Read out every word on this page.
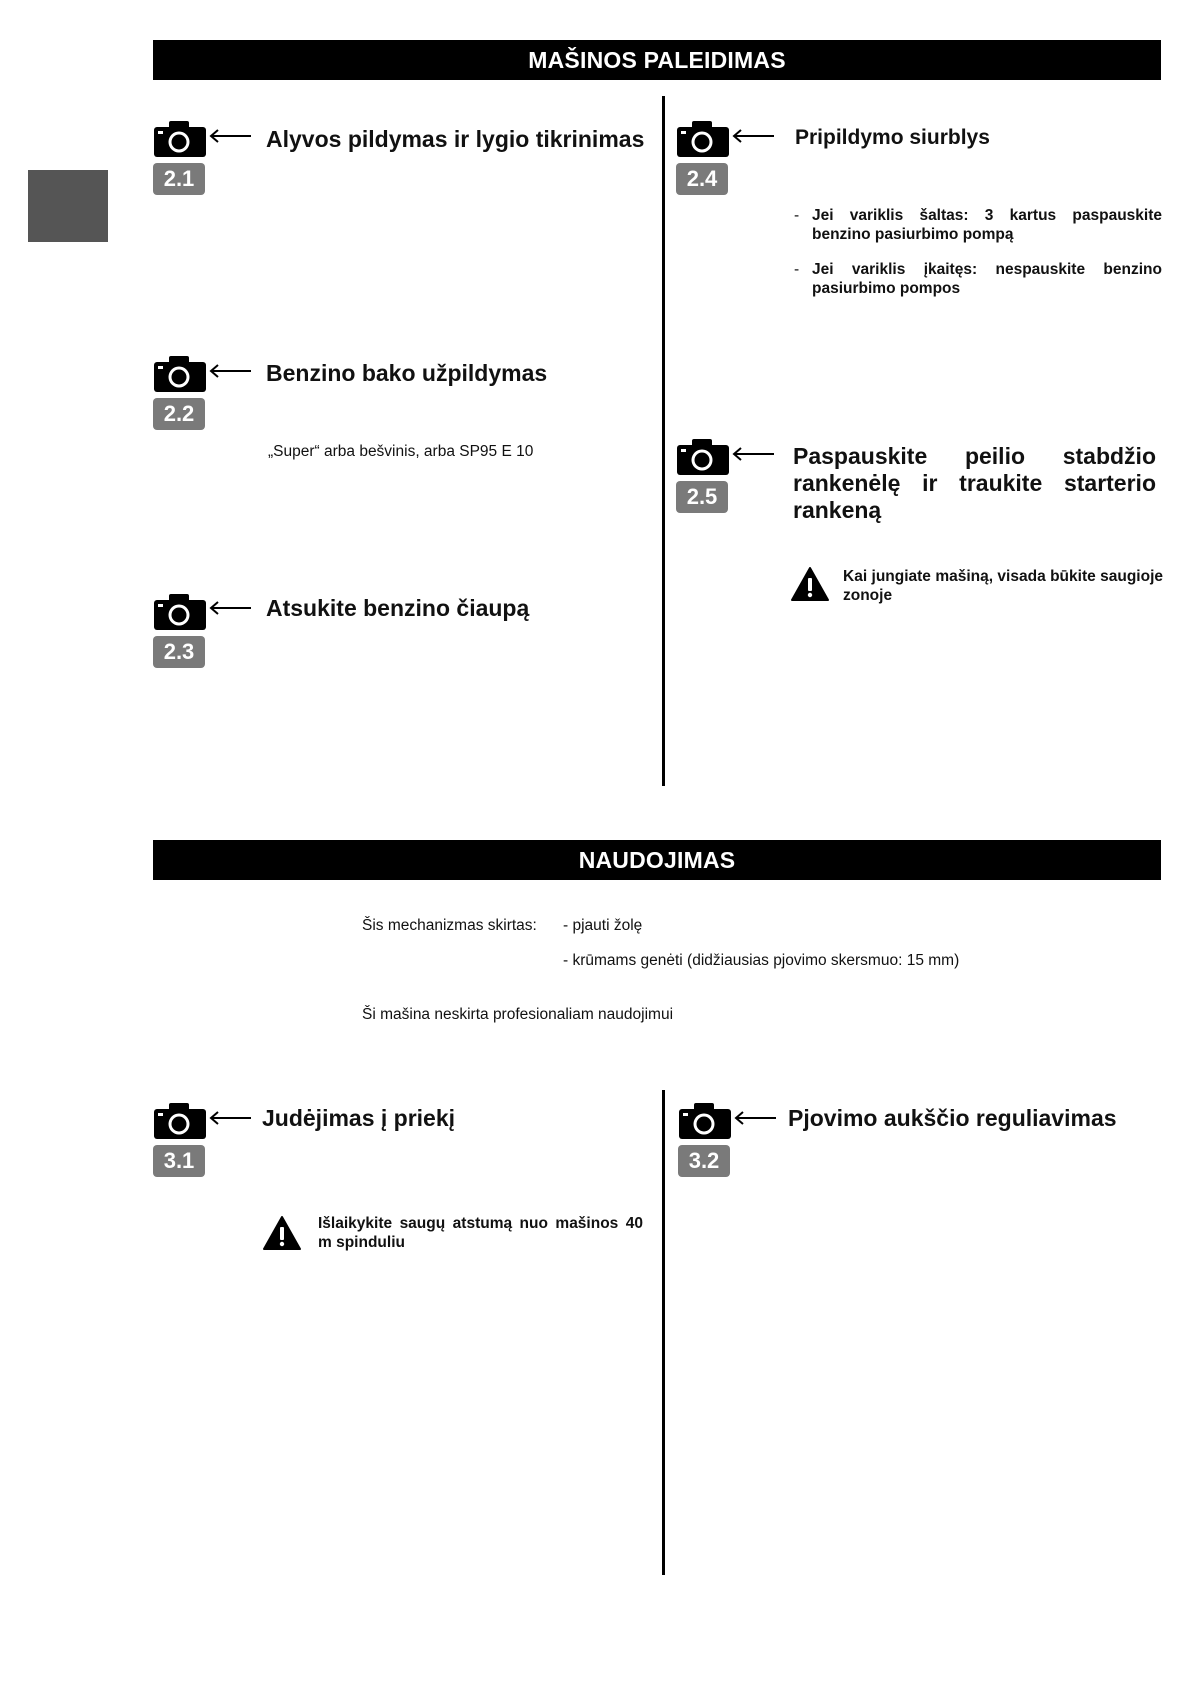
MAŠINOS PALEIDIMAS
2.1
Alyvos pildymas ir lygio tikrinimas
2.2
Benzino bako užpildymas
„Super“ arba bešvinis, arba SP95 E 10
2.3
Atsukite benzino čiaupą
2.4
Pripildymo siurblys
- Jei variklis šaltas: 3 kartus paspauskite benzino pasiurbimo pompą
- Jei variklis įkaitęs: nespauskite benzino pasiurbimo pompos
2.5
Paspauskite peilio stabdžio rankenėlę ir traukite starterio rankeną
Kai jungiate mašiną, visada būkite saugioje zonoje
NAUDOJIMAS
Šis mechanizmas skirtas: - pjauti žolę
- krūmams genėti (didžiausias pjovimo skersmuo: 15 mm)
Ši mašina neskirta profesionaliam naudojimui
3.1
Judėjimas į priekį
Išlaikykite saugų atstumą nuo mašinos 40 m spinduliu
3.2
Pjovimo aukščio reguliavimas
